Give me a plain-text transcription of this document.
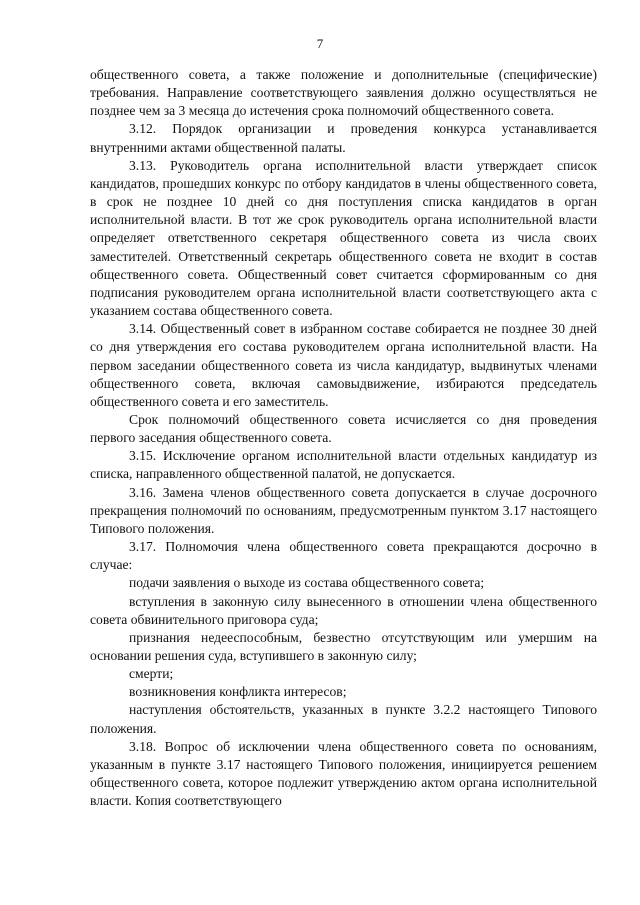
7

общественного совета, а также положение и дополнительные (специфические) требования. Направление соответствующего заявления должно осуществляться не позднее чем за 3 месяца до истечения срока полномочий общественного совета.

3.12. Порядок организации и проведения конкурса устанавливается внутренними актами общественной палаты.

3.13. Руководитель органа исполнительной власти утверждает список кандидатов, прошедших конкурс по отбору кандидатов в члены общественного совета, в срок не позднее 10 дней со дня поступления списка кандидатов в орган исполнительной власти. В тот же срок руководитель органа исполнительной власти определяет ответственного секретаря общественного совета из числа своих заместителей. Ответственный секретарь общественного совета не входит в состав общественного совета. Общественный совет считается сформированным со дня подписания руководителем органа исполнительной власти соответствующего акта с указанием состава общественного совета.

3.14. Общественный совет в избранном составе собирается не позднее 30 дней со дня утверждения его состава руководителем органа исполнительной власти. На первом заседании общественного совета из числа кандидатур, выдвинутых членами общественного совета, включая самовыдвижение, избираются председатель общественного совета и его заместитель.

Срок полномочий общественного совета исчисляется со дня проведения первого заседания общественного совета.

3.15. Исключение органом исполнительной власти отдельных кандидатур из списка, направленного общественной палатой, не допускается.

3.16. Замена членов общественного совета допускается в случае досрочного прекращения полномочий по основаниям, предусмотренным пунктом 3.17 настоящего Типового положения.

3.17. Полномочия члена общественного совета прекращаются досрочно в случае:

подачи заявления о выходе из состава общественного совета;

вступления в законную силу вынесенного в отношении члена общественного совета обвинительного приговора суда;

признания недееспособным, безвестно отсутствующим или умершим на основании решения суда, вступившего в законную силу;

смерти;

возникновения конфликта интересов;

наступления обстоятельств, указанных в пункте 3.2.2 настоящего Типового положения.

3.18. Вопрос об исключении члена общественного совета по основаниям, указанным в пункте 3.17 настоящего Типового положения, инициируется решением общественного совета, которое подлежит утверждению актом органа исполнительной власти. Копия соответствующего
